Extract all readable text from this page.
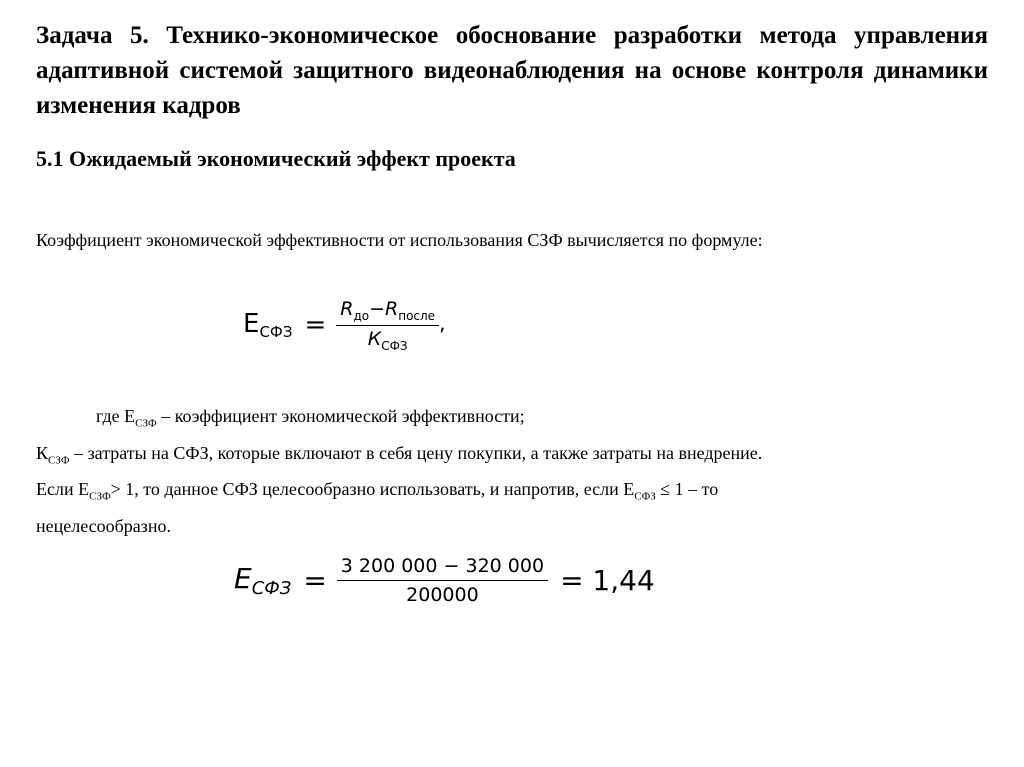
Задача 5. Технико-экономическое обоснование разработки метода управления адаптивной системой защитного видеонаблюдения на основе контроля динамики изменения кадров
5.1 Ожидаемый экономический эффект проекта

Коэффициент экономической эффективности от использования СЗФ вычисляется по формуле:

$Е_{СФЗ} = \frac{R_{до}-R_{после}}{К_{СФЗ}}$ ,
где $Е_{СЗФ}$ – коэффициент экономической эффективности;
$К_{СЗФ}$ – затраты на СФЗ, которые включают в себя цену покупки, а также затраты на внедрение.
Если $Е_{СЗФ}> 1$, то данное СФЗ целесообразно использовать, и напротив, если $Е_{СФЗ} \le 1$ – то
нецелесообразно.
$E_{СФЗ} = \frac{3 200 000 - 320 000}{200000} = 1,44$
